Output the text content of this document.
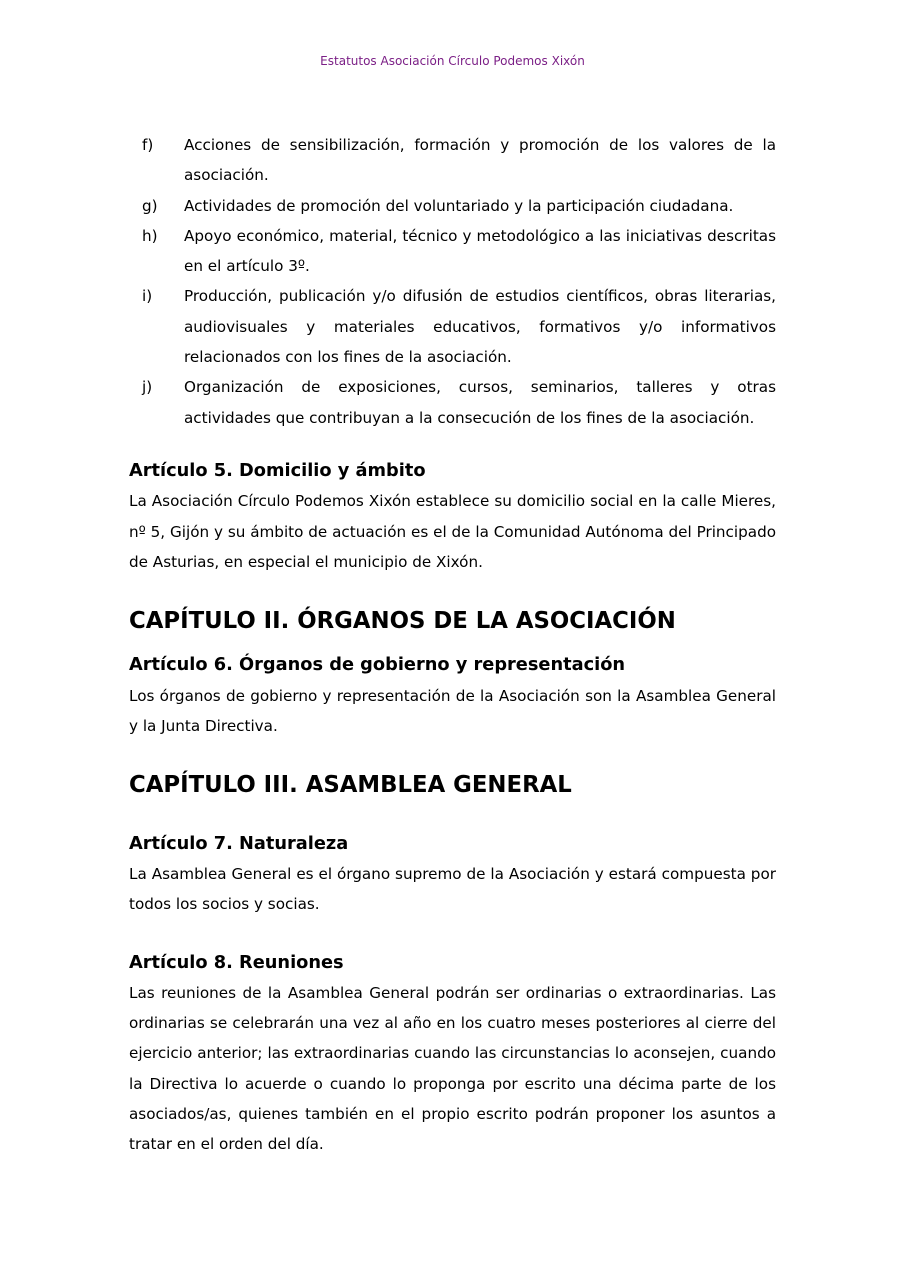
Estatutos Asociación Círculo Podemos Xixón
f)	Acciones de sensibilización, formación y promoción de los valores de la asociación.
g)	Actividades de promoción del voluntariado y la participación ciudadana.
h)	Apoyo económico, material, técnico y metodológico a las iniciativas descritas en el artículo 3º.
i)	Producción, publicación y/o difusión de estudios científicos, obras literarias, audiovisuales y materiales educativos, formativos y/o informativos relacionados con los fines de la asociación.
j)	Organización de exposiciones, cursos, seminarios, talleres y otras actividades que contribuyan a la consecución de los fines de la asociación.
Artículo 5. Domicilio y ámbito

La Asociación Círculo Podemos Xixón establece su domicilio social en la calle Mieres, nº 5, Gijón y su ámbito de actuación es el de la Comunidad Autónoma del Principado de Asturias, en especial el municipio de Xixón.

CAPÍTULO II. ÓRGANOS DE LA ASOCIACIÓN
Artículo 6. Órganos de gobierno y representación

Los órganos de gobierno y representación de la Asociación son la Asamblea General y la Junta Directiva.

CAPÍTULO III. ASAMBLEA GENERAL
Artículo 7. Naturaleza

La Asamblea General es el órgano supremo de la Asociación y estará compuesta por todos los socios y socias.

Artículo 8. Reuniones

Las reuniones de la Asamblea General podrán ser ordinarias o extraordinarias. Las ordinarias se celebrarán una vez al año en los cuatro meses posteriores al cierre del ejercicio anterior; las extraordinarias cuando las circunstancias lo aconsejen, cuando la Directiva lo acuerde o cuando lo proponga por escrito una décima parte de los asociados/as, quienes también en el propio escrito podrán proponer los asuntos a tratar en el orden del día.
